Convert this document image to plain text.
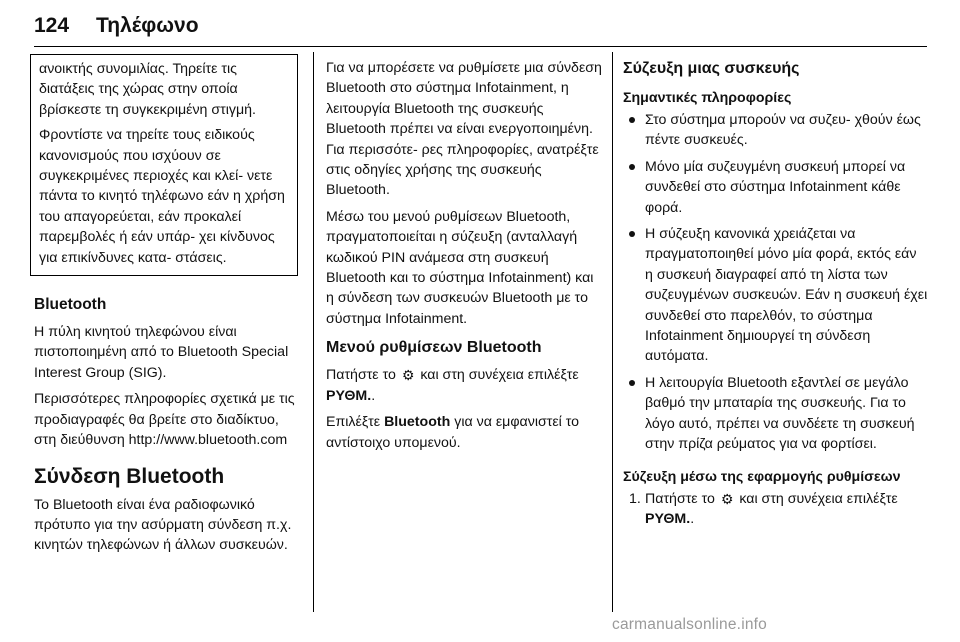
124	Τηλέφωνο

ανοικτής συνομιλίας. Τηρείτε τις διατάξεις της χώρας στην οποία βρίσκεστε τη συγκεκριμένη στιγμή.

Φροντίστε να τηρείτε τους ειδικούς κανονισμούς που ισχύουν σε συγκεκριμένες περιοχές και κλεί- νετε πάντα το κινητό τηλέφωνο εάν η χρήση του απαγορεύεται, εάν προκαλεί παρεμβολές ή εάν υπάρ- χει κίνδυνος για επικίνδυνες κατα- στάσεις.

Bluetooth

Η πύλη κινητού τηλεφώνου είναι πιστοποιημένη από το Bluetooth Special Interest Group (SIG).

Περισσότερες πληροφορίες σχετικά με τις προδιαγραφές θα βρείτε στο διαδίκτυο, στη διεύθυνση http://www.bluetooth.com

Σύνδεση Bluetooth

Το Bluetooth είναι ένα ραδιοφωνικό πρότυπο για την ασύρματη σύνδεση π.χ. κινητών τηλεφώνων ή άλλων συσκευών.

Για να μπορέσετε να ρυθμίσετε μια σύνδεση Bluetooth στο σύστημα Infotainment, η λειτουργία Bluetooth της συσκευής Bluetooth πρέπει να είναι ενεργοποιημένη. Για περισσότε- ρες πληροφορίες, ανατρέξτε στις οδηγίες χρήσης της συσκευής Bluetooth.

Μέσω του μενού ρυθμίσεων Bluetooth, πραγματοποιείται η σύζευξη (ανταλλαγή κωδικού PIN ανάμεσα στη συσκευή Bluetooth και το σύστημα Infotainment) και η σύνδεση των συσκευών Bluetooth με το σύστημα Infotainment.

Μενού ρυθμίσεων Bluetooth

Πατήστε το ⚙ και στη συνέχεια επιλέξτε ΡΥΘΜ..

Επιλέξτε Bluetooth για να εμφανιστεί το αντίστοιχο υπομενού.

Σύζευξη μιας συσκευής
Σημαντικές πληροφορίες
Στο σύστημα μπορούν να συζευ- χθούν έως πέντε συσκευές.
Μόνο μία συζευγμένη συσκευή μπορεί να συνδεθεί στο σύστημα Infotainment κάθε φορά.
Η σύζευξη κανονικά χρειάζεται να πραγματοποιηθεί μόνο μία φορά, εκτός εάν η συσκευή διαγραφεί από τη λίστα των συζευγμένων συσκευών. Εάν η συσκευή έχει συνδεθεί στο παρελθόν, το σύστημα Infotainment δημιουργεί τη σύνδεση αυτόματα.
Η λειτουργία Bluetooth εξαντλεί σε μεγάλο βαθμό την μπαταρία της συσκευής. Για το λόγο αυτό, πρέπει να συνδέετε τη συσκευή στην πρίζα ρεύματος για να φορτίσει.
Σύζευξη μέσω της εφαρμογής ρυθμίσεων
1. Πατήστε το ⚙ και στη συνέχεια επιλέξτε ΡΥΘΜ..
carmanualsonline.info
